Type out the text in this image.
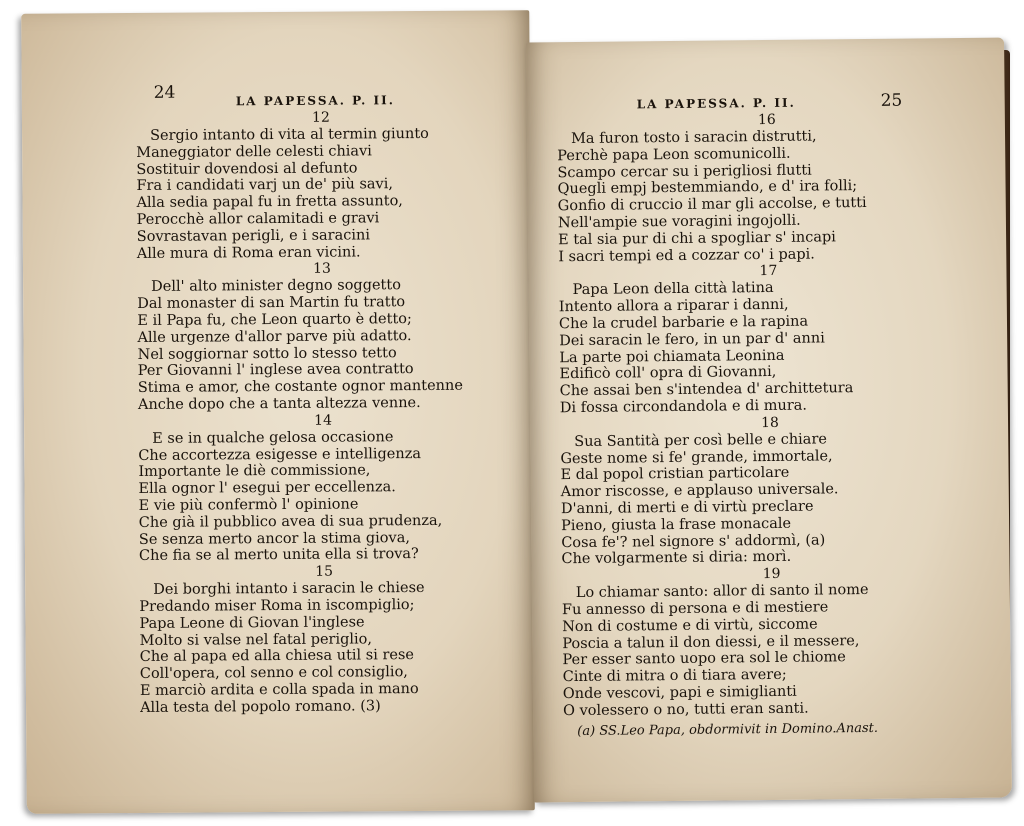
24	LA PAPESSA. P. II.
12
Sergio intanto di vita al termin giunto
Maneggiator delle celesti chiavi
Sostituir dovendosi al defunto
Fra i candidati varj un de' più savi,
Alla sedia papal fu in fretta assunto,
Perocchè allor calamitadi e gravi
Sovrastavan perigli, e i saracini
Alle mura di Roma eran vicini.
13
Dell' alto minister degno soggetto
Dal monaster di san Martin fu tratto
E il Papa fu, che Leon quarto è detto;
Alle urgenze d'allor parve più adatto.
Nel soggiornar sotto lo stesso tetto
Per Giovanni l' inglese avea contratto
Stima e amor, che costante ognor mantenne
Anche dopo che a tanta altezza venne.
14
E se in qualche gelosa occasione
Che accortezza esigesse e intelligenza
Importante le diè commissione,
Ella ognor l' esegui per eccellenza.
E vie più confermò l' opinione
Che già il pubblico avea di sua prudenza,
Se senza merto ancor la stima giova,
Che fia se al merto unita ella si trova?
15
Dei borghi intanto i saracin le chiese
Predando miser Roma in iscompiglio;
Papa Leone di Giovan l'inglese
Molto si valse nel fatal periglio,
Che al papa ed alla chiesa util si rese
Coll'opera, col senno e col consiglio,
E marciò ardita e colla spada in mano
Alla testa del popolo romano. (3)
LA PAPESSA. P. II.	25
16
Ma furon tosto i saracin distrutti,
Perchè papa Leon scomunicolli.
Scampo cercar su i perigliosi flutti
Quegli empj bestemmiando, e d' ira folli;
Gonfio di cruccio il mar gli accolse, e tutti
Nell'ampie sue voragini ingojolli.
E tal sia pur di chi a spogliar s' incapi
I sacri tempi ed a cozzar co' i papi.
17
Papa Leon della città latina
Intento allora a riparar i danni,
Che la crudel barbarie e la rapina
Dei saracin le fero, in un par d' anni
La parte poi chiamata Leonina
Edificò coll' opra di Giovanni,
Che assai ben s'intendea d' archittetura
Di fossa circondandola e di mura.
18
Sua Santità per così belle e chiare
Geste nome si fe' grande, immortale,
E dal popol cristian particolare
Amor riscosse, e applauso universale.
D'anni, di merti e di virtù preclare
Pieno, giusta la frase monacale
Cosa fe'? nel signore s' addormì, (a)
Che volgarmente si diria: morì.
19
Lo chiamar santo: allor di santo il nome
Fu annesso di persona e di mestiere
Non di costume e di virtù, siccome
Poscia a talun il don diessi, e il messere,
Per esser santo uopo era sol le chiome
Cinte di mitra o di tiara avere;
Onde vescovi, papi e simiglianti
O volessero o no, tutti eran santi.
(a) SS.Leo Papa, obdormivit in Domino.Anast.
